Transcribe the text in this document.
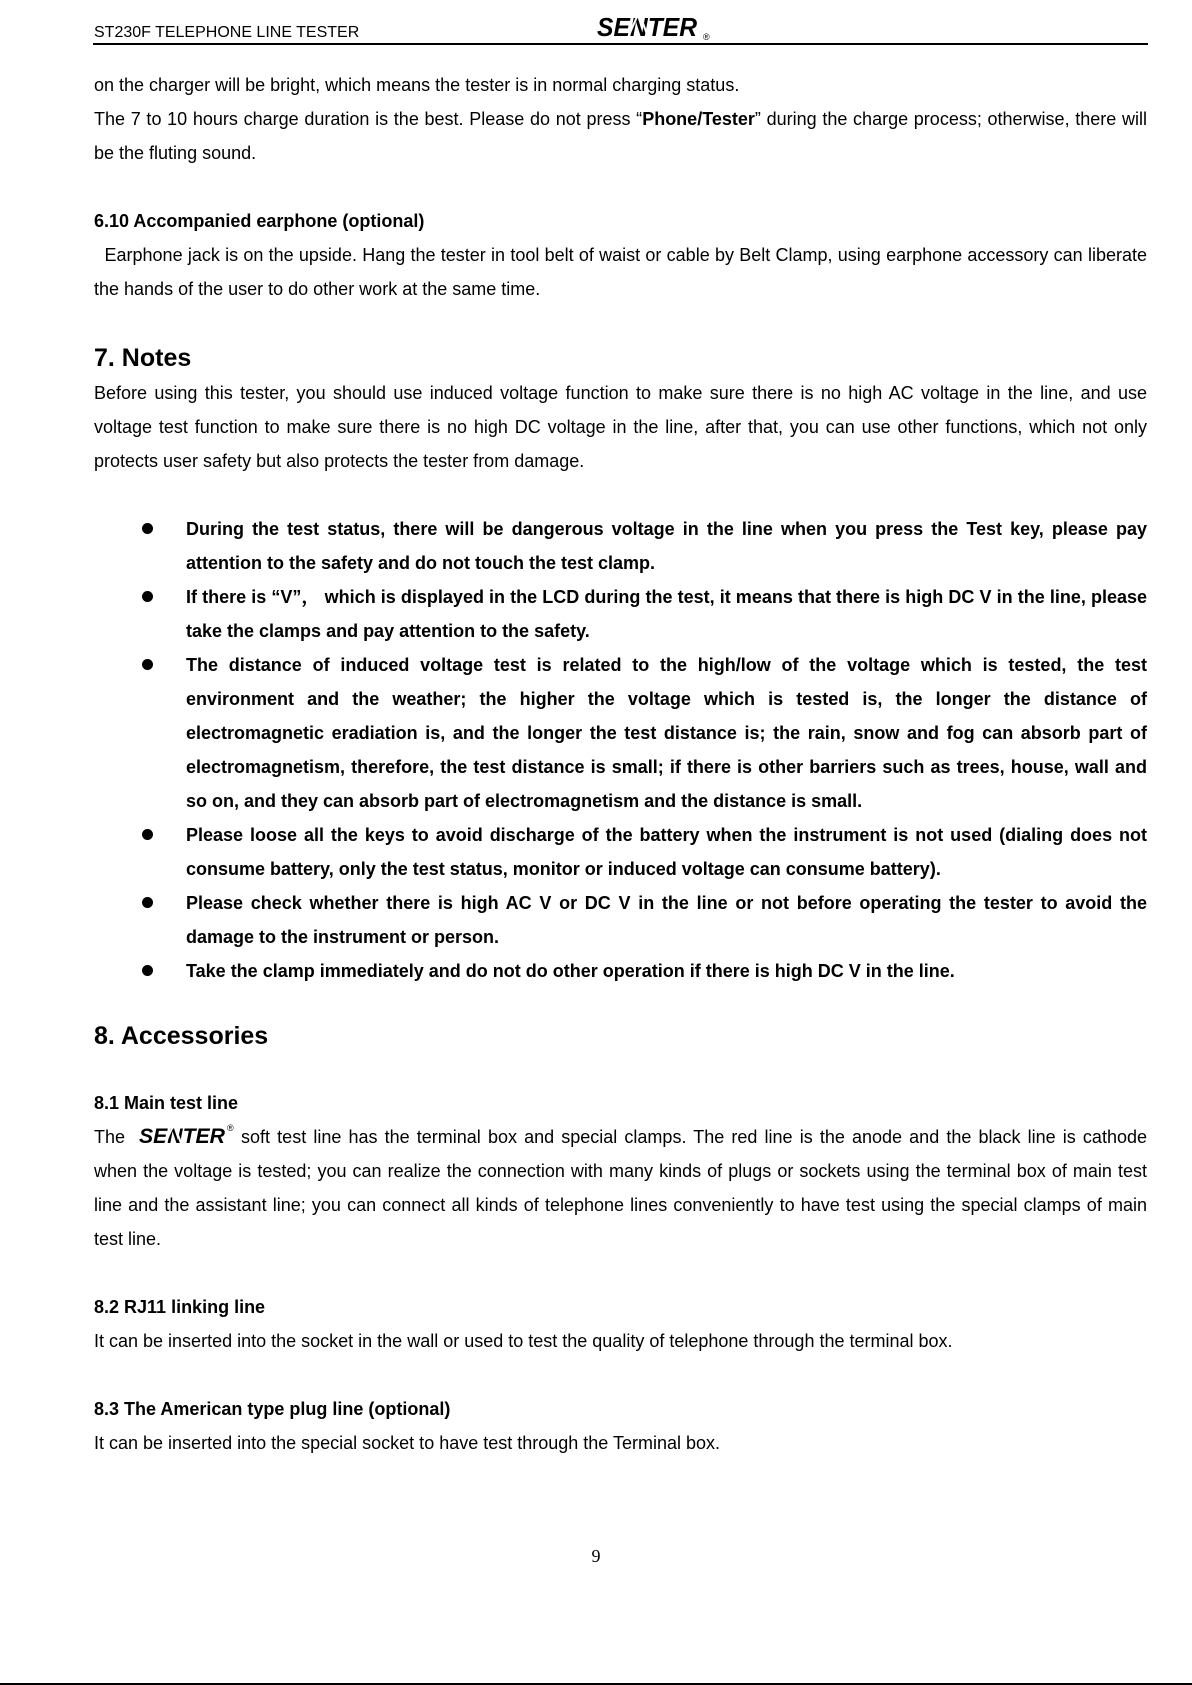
ST230F TELEPHONE LINE TESTER	SENTER ®

on the charger will be bright, which means the tester is in normal charging status.

The 7 to 10 hours charge duration is the best. Please do not press “Phone/Tester” during the charge process; otherwise, there will be the fluting sound.

6.10 Accompanied earphone (optional)

Earphone jack is on the upside. Hang the tester in tool belt of waist or cable by Belt Clamp, using earphone accessory can liberate the hands of the user to do other work at the same time.

7. Notes

Before using this tester, you should use induced voltage function to make sure there is no high AC voltage in the line, and use voltage test function to make sure there is no high DC voltage in the line, after that, you can use other functions, which not only protects user safety but also protects the tester from damage.

During the test status, there will be dangerous voltage in the line when you press the Test key, please pay attention to the safety and do not touch the test clamp.
If there is “V”， which is displayed in the LCD during the test, it means that there is high DC V in the line, please take the clamps and pay attention to the safety.
The distance of induced voltage test is related to the high/low of the voltage which is tested, the test environment and the weather; the higher the voltage which is tested is, the longer the distance of electromagnetic eradiation is, and the longer the test distance is; the rain, snow and fog can absorb part of electromagnetism, therefore, the test distance is small; if there is other barriers such as trees, house, wall and so on, and they can absorb part of electromagnetism and the distance is small.
Please loose all the keys to avoid discharge of the battery when the instrument is not used (dialing does not consume battery, only the test status, monitor or induced voltage can consume battery).
Please check whether there is high AC V or DC V in the line or not before operating the tester to avoid the damage to the instrument or person.
Take the clamp immediately and do not do other operation if there is high DC V in the line.

8. Accessories

8.1 Main test line

The SENTER ® soft test line has the terminal box and special clamps. The red line is the anode and the black line is cathode when the voltage is tested; you can realize the connection with many kinds of plugs or sockets using the terminal box of main test line and the assistant line; you can connect all kinds of telephone lines conveniently to have test using the special clamps of main test line.

8.2 RJ11 linking line

It can be inserted into the socket in the wall or used to test the quality of telephone through the terminal box.

8.3 The American type plug line (optional)

It can be inserted into the special socket to have test through the Terminal box.

9
